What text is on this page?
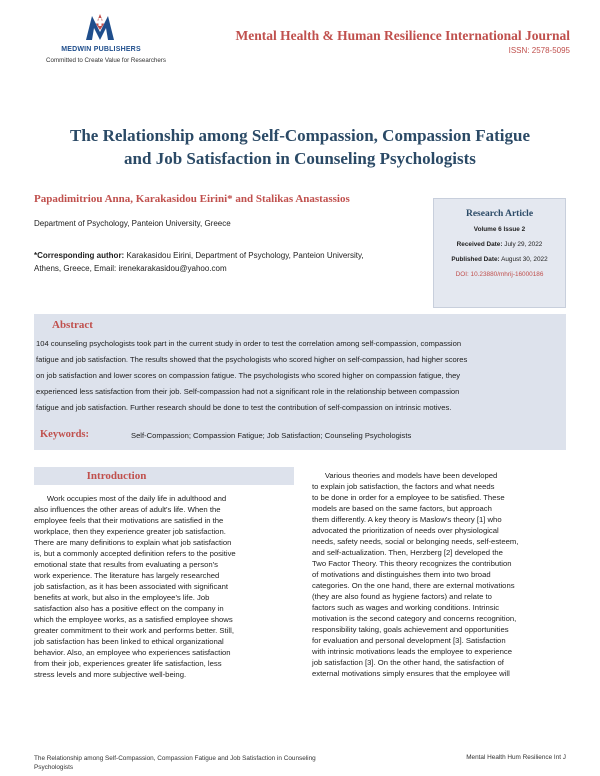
MEDWIN PUBLISHERS
Committed to Create Value for Researchers
Mental Health & Human Resilience International Journal
ISSN: 2578-5095
The Relationship among Self-Compassion, Compassion Fatigue
and Job Satisfaction in Counseling Psychologists
Papadimitriou Anna, Karakasidou Eirini* and Stalikas Anastassios
Department of Psychology, Panteion University, Greece
*Corresponding author: Karakasidou Eirini, Department of Psychology, Panteion University,
Athens, Greece, Email: irenekarakasidou@yahoo.com
Research Article
Volume 6 Issue 2
Received Date: July 29, 2022
Published Date: August 30, 2022
DOI: 10.23880/mhrij-16000186
Abstract
104 counseling psychologists took part in the current study in order to test the correlation among self-compassion, compassion
fatigue and job satisfaction. The results showed that the psychologists who scored higher on self-compassion, had higher scores
on job satisfaction and lower scores on compassion fatigue. The psychologists who scored higher on compassion fatigue, they
experienced less satisfaction from their job. Self-compassion had not a significant role in the relationship between compassion
fatigue and job satisfaction. Further research should be done to test the contribution of self-compassion on intrinsic motives.
Keywords:	Self-Compassion; Compassion Fatigue; Job Satisfaction; Counseling Psychologists
Introduction
Work occupies most of the daily life in adulthood and
also influences the other areas of adult's life. When the
employee feels that their motivations are satisfied in the
workplace, then they experience greater job satisfaction.
There are many definitions to explain what job satisfaction
is, but a commonly accepted definition refers to the positive
emotional state that results from evaluating a person's
work experience. The literature has largely researched
job satisfaction, as it has been associated with significant
benefits at work, but also in the employee's life. Job
satisfaction also has a positive effect on the company in
which the employee works, as a satisfied employee shows
greater commitment to their work and performs better. Still,
job satisfaction has been linked to ethical organizational
behavior. Also, an employee who experiences satisfaction
from their job, experiences greater life satisfaction, less
stress levels and more subjective well-being.
Various theories and models have been developed
to explain job satisfaction, the factors and what needs
to be done in order for a employee to be satisfied. These
models are based on the same factors, but approach
them differently. A key theory is Maslow's theory [1] who
advocated the prioritization of needs over physiological
needs, safety needs, social or belonging needs, self-esteem,
and self-actualization. Then, Herzberg [2] developed the
Two Factor Theory. This theory recognizes the contribution
of motivations and distinguishes them into two broad
categories. On the one hand, there are external motivations
(they are also found as hygiene factors) and relate to
factors such as wages and working conditions. Intrinsic
motivation is the second category and concerns recognition,
responsibility taking, goals achievement and opportunities
for evaluation and personal development [3]. Satisfaction
with intrinsic motivations leads the employee to experience
job satisfaction [3]. On the other hand, the satisfaction of
external motivations simply ensures that the employee will
The Relationship among Self-Compassion, Compassion Fatigue and Job Satisfaction in Counseling
Psychologists
Mental Health Hum Resilience Int J
